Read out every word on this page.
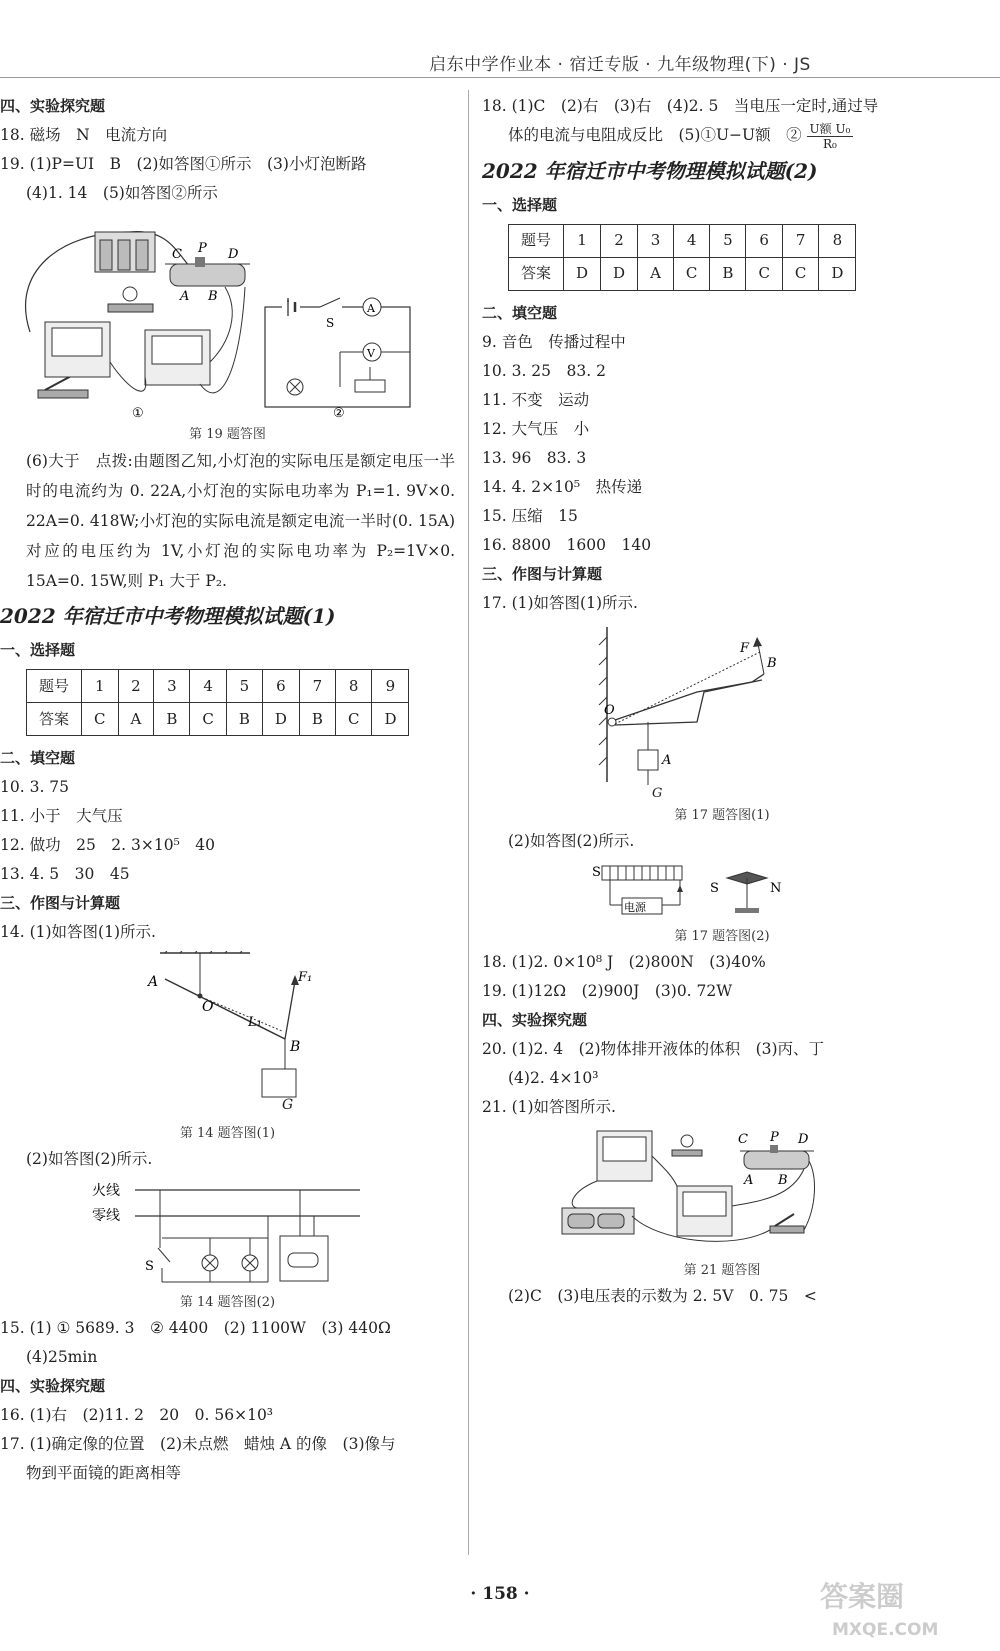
启东中学作业本 · 宿迁专版 · 九年级物理(下) · JS
四、实验探究题
18. 磁场　N　电流方向
19. (1)P=UI　B　(2)如答图①所示　(3)小灯泡断路
(4)1. 14　(5)如答图②所示
C P D
A B
①
S
A
V
②
第 19 题答图
(6)大于　点拨:由题图乙知,小灯泡的实际电压是额定电压一半时的电流约为 0. 22A,小灯泡的实际电功率为 P₁=1. 9V×0. 22A=0. 418W;小灯泡的实际电流是额定电流一半时(0. 15A)对应的电压约为 1V,小灯泡的实际电功率为 P₂=1V×0. 15A=0. 15W,则 P₁ 大于 P₂.
2022 年宿迁市中考物理模拟试题(1)
一、选择题
题号	1	2	3	4	5	6	7	8	9
答案	C	A	B	C	B	D	B	C	D
二、填空题
10. 3. 75
11. 小于　大气压
12. 做功　25　2. 3×10⁵　40
13. 4. 5　30　45
三、作图与计算题
14. (1)如答图(1)所示.
A
O
L₁
F₁
B
G
第 14 题答图(1)
(2)如答图(2)所示.
火线
零线
S
第 14 题答图(2)
15. (1) ① 5689. 3　② 4400　(2) 1100W　(3) 440Ω
(4)25min
四、实验探究题
16. (1)右　(2)11. 2　20　0. 56×10³
17. (1)确定像的位置　(2)未点燃　蜡烛 A 的像　(3)像与
物到平面镜的距离相等
18. (1)C　(2)右　(3)右　(4)2. 5　当电压一定时,通过导
体的电流与电阻成反比　(5)①U−U额　② U额 U₀
R₀
2022 年宿迁市中考物理模拟试题(2)
一、选择题
题号	1	2	3	4	5	6	7	8
答案	D	D	A	C	B	C	C	D
二、填空题
9. 音色　传播过程中
10. 3. 25　83. 2
11. 不变　运动
12. 大气压　小
13. 96　83. 3
14. 4. 2×10⁵　热传递
15. 压缩　15
16. 8800　1600　140
三、作图与计算题
17. (1)如答图(1)所示.
F
B
O
A
G
第 17 题答图(1)
(2)如答图(2)所示.
S
电源
S	N
第 17 题答图(2)
18. (1)2. 0×10⁸ J　(2)800N　(3)40%
19. (1)12Ω　(2)900J　(3)0. 72W
四、实验探究题
20. (1)2. 4　(2)物体排开液体的体积　(3)丙、丁
(4)2. 4×10³
21. (1)如答图所示.
C P D
A B
第 21 题答图
(2)C　(3)电压表的示数为 2. 5V　0. 75　<
· 158 ·	答案圈
MXQE.COM
